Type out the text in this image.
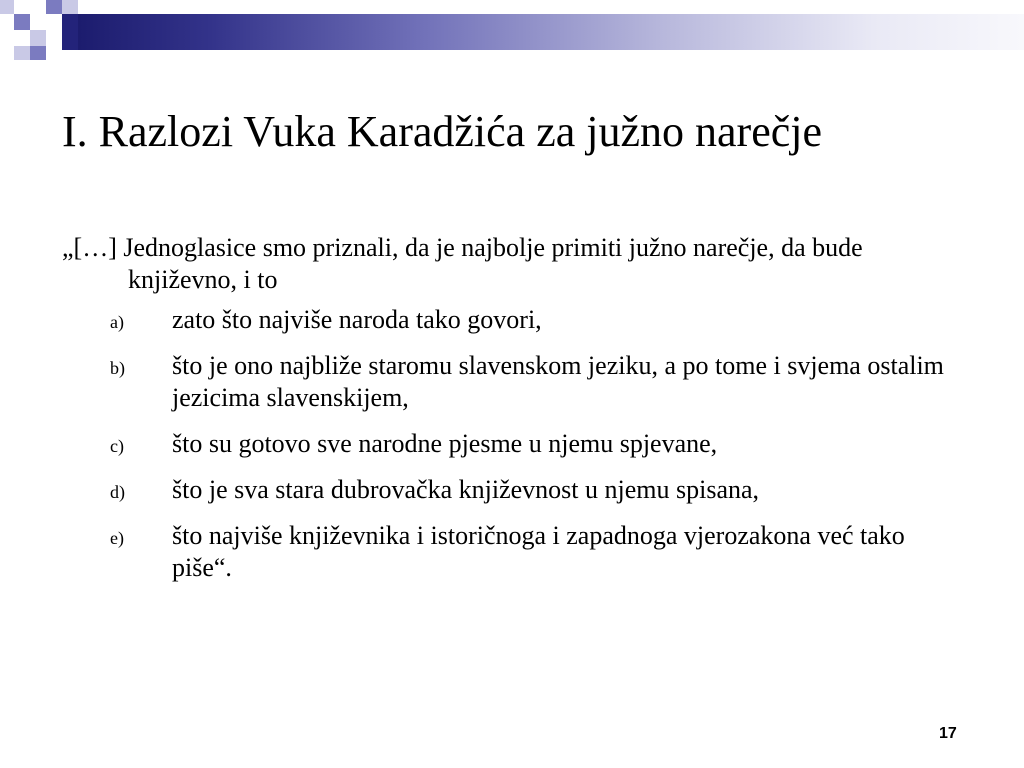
I. Razlozi Vuka Karadžića za južno narečje

„[…] Jednoglasice smo priznali, da je najbolje primiti južno narečje, da bude književno, i to

a) zato što najviše naroda tako govori,
b) što je ono najbliže staromu slavenskom jeziku, a po tome i svjema ostalim jezicima slavenskijem,
c) što su gotovo sve narodne pjesme u njemu spjevane,
d) što je sva stara dubrovačka književnost u njemu spisana,
e) što najviše književnika i istoričnoga i zapadnoga vjerozakona već tako piše“.
17
